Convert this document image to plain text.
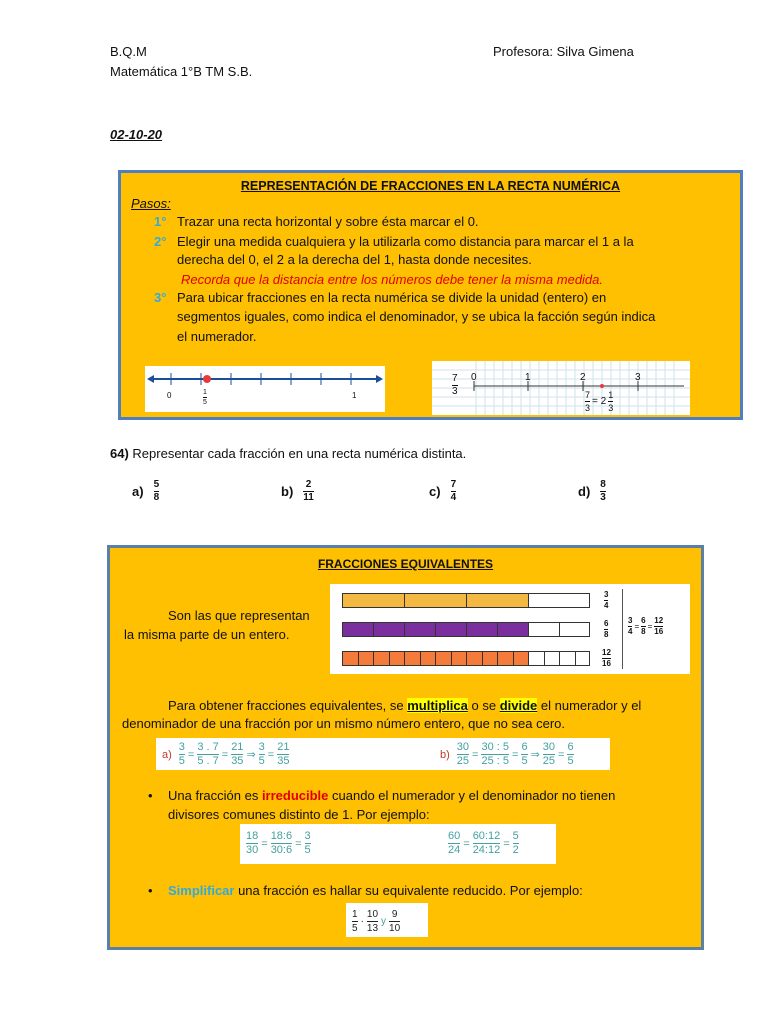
B.Q.M
Matemática 1°B TM S.B.
Profesora: Silva Gimena
02-10-20
REPRESENTACIÓN DE FRACCIONES EN LA RECTA NUMÉRICA
Pasos:
1° Trazar una recta horizontal y sobre ésta marcar el 0.
2° Elegir una medida cualquiera y la utilizarla como distancia para marcar el 1 a la
derecha del 0, el 2 a la derecha del 1, hasta donde necesites.
Recorda que la distancia entre los números debe tener la misma medida.
3° Para ubicar fracciones en la recta numérica se divide la unidad (entero) en
segmentos iguales, como indica el denominador, y se ubica la facción según indica
el numerador.
0	$\frac{1}{5}$	1	$\frac{7}{3} 0$	1	2	3
$\frac{7}{3} = 2 \frac{1}{3}$
64) Representar cada fracción en una recta numérica distinta.
$a) \frac{5}{8}$	$b) \frac{2}{11}$	$c) \frac{7}{4}$	$d) \frac{8}{3}$
FRACCIONES EQUIVALENTES
Son las que representan
la misma parte de un entero.
$\frac{3}{4}$
$\frac{6}{8}$
$\frac{12}{16}$
$\frac{3}{4} = \frac{6}{8} = \frac{12}{16}$
Para obtener fracciones equivalentes, se multiplica o se divide el numerador y el
denominador de una fracción por un mismo número entero, que no sea cero.
$a) \frac{3}{5} = \frac{3 . 7}{5 . 7} = \frac{21}{35}$ ⇒ $\frac{3}{5} = \frac{21}{35}$	$b) \frac{30}{25} = \frac{30 : 5}{25 : 5} = \frac{6}{5}$ ⇒ $\frac{30}{25} = \frac{6}{5}$
• Una fracción es irreducible cuando el numerador y el denominador no tienen
divisores comunes distinto de 1. Por ejemplo:
$\frac{18}{30} = \frac{18:6}{30:6} = \frac{3}{5}$	$\frac{60}{24} = \frac{60:12}{24:12} = \frac{5}{2}$
• Simplificar una fracción es hallar su equivalente reducido. Por ejemplo:
$\frac{1}{5} \cdot \frac{10}{13}$ y $\frac{9}{10}$
